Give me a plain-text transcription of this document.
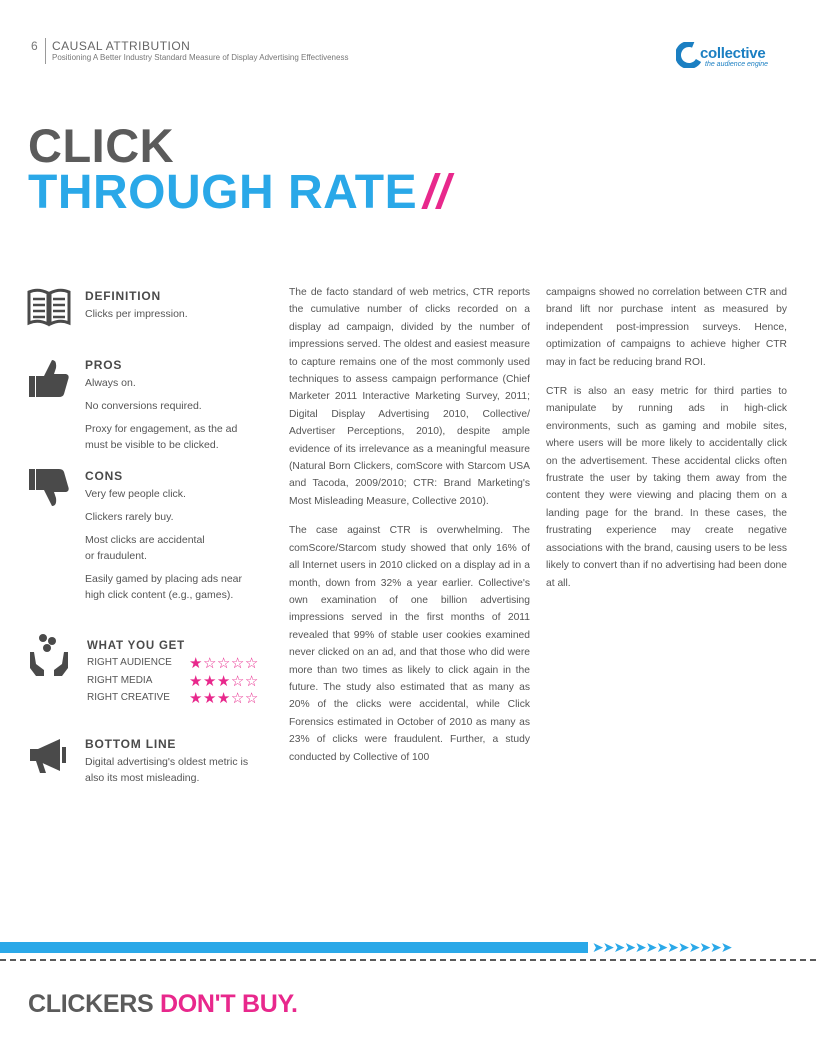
6 CAUSAL ATTRIBUTION
Positioning A Better Industry Standard Measure of Display Advertising Effectiveness	collective
the audience engine
CLICK
THROUGH RATE //
DEFINITION

Clicks per impression.

PROS

Always on.

No conversions required.

Proxy for engagement, as the ad must be visible to be clicked.

CONS

Very few people click.

Clickers rarely buy.

Most clicks are accidental or fraudulent.

Easily gamed by placing ads near high click content (e.g., games).

WHAT YOU GET
RIGHT AUDIENCE ★☆☆☆☆
RIGHT MEDIA ★★★☆☆
RIGHT CREATIVE ★★★☆☆
BOTTOM LINE

Digital advertising's oldest metric is also its most misleading.

The de facto standard of web metrics, CTR reports the cumulative number of clicks recorded on a display ad campaign, divided by the number of impressions served. The oldest and easiest measure to capture remains one of the most commonly used techniques to assess campaign performance (Chief Marketer 2011 Interactive Marketing Survey, 2011; Digital Display Advertising 2010, Collective/ Advertiser Perceptions, 2010), despite ample evidence of its irrelevance as a meaningful measure (Natural Born Clickers, comScore with Starcom USA and Tacoda, 2009/2010; CTR: Brand Marketing's Most Misleading Measure, Collective 2010).

The case against CTR is overwhelming. The comScore/Starcom study showed that only 16% of all Internet users in 2010 clicked on a display ad in a month, down from 32% a year earlier. Collective's own examination of one billion advertising impressions served in the first months of 2011 revealed that 99% of stable user cookies examined never clicked on an ad, and that those who did were more than two times as likely to click again in the future. The study also estimated that as many as 20% of the clicks were accidental, while Click Forensics estimated in October of 2010 as many as 23% of clicks were fraudulent. Further, a study conducted by Collective of 100

campaigns showed no correlation between CTR and brand lift nor purchase intent as measured by independent post-impression surveys. Hence, optimization of campaigns to achieve higher CTR may in fact be reducing brand ROI.

CTR is also an easy metric for third parties to manipulate by running ads in high-click environments, such as gaming and mobile sites, where users will be more likely to accidentally click on the advertisement. These accidental clicks often frustrate the user by taking them away from the content they were viewing and placing them on a landing page for the brand. In these cases, the frustrating experience may create negative associations with the brand, causing users to be less likely to convert than if no advertising had been done at all.

➤➤➤➤➤➤➤➤➤➤➤➤➤
CLICKERS DON'T BUY.
